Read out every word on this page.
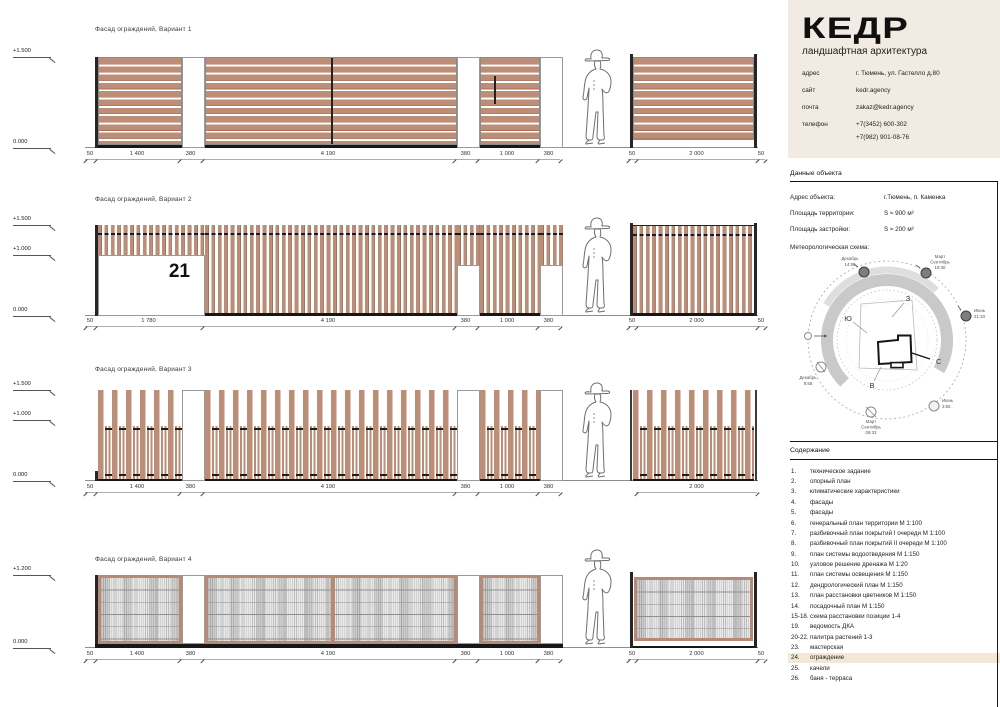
Фасад ограждений, Вариант 1
+1.500
0.000
50	1 400	380	4 190	380	1 000	380	50	2 000	50
Фасад ограждений, Вариант 2
+1.500
+1.000
0.000
21
50	1 780	4 190	380	1 000	380	50	2 000	50
Фасад ограждений, Вариант 3
+1.500
+1.000
0.000
50	1 400	380	4 190	380	1 000	380	2 000
Фасад ограждений, Вариант 4
+1.200
0.000
50	1 400	380	4 190	380	1 000	380	50	2 000	50
КЕДР
ландшафтная архитектура
адрес	г. Тюмень, ул. Гастелло д.80
сайт	kedr.agency
почта	zakaz@kedr.agency
телефон	+7(3452) 600-302
+7(982) 901-08-76
Данные объекта
Адрес объекта:	г.Тюмень, п. Каменка
Площадь территории:	S ≈ 900 м²
Площадь застройки:	S ≈ 200 м²
Метеорологическая схема:
Декабрь 14:55
Март Сентябрь 18:30
Июнь 21:33
Июнь 3:55
Март Сентябрь 06:33
Декабрь 9:55
Ю
З
В
С
Содержание
1.	техническое задание
2.	опорный план
3.	климатические характеристики
4.	фасады
5.	фасады
6.	генеральный план территории М 1:100
7.	разбивочный план покрытий I очереди М 1:100
8.	разбивочный план покрытий II очереди М 1:100
9.	план системы водоотведения М 1:150
10.	узловое решение дренажа М 1:20
11.	план системы освещения М 1:150
12.	дендрологический план М 1:150
13.	план расстановки цветников М 1:150
14.	посадочный план М 1:150
15-18. схема расстановки позиции 1-4
19.	ведомость ДКА
20-22. палитра растений 1-3
23.	мастерская
24.	ограждение
25.	качели
26.	баня - терраса
